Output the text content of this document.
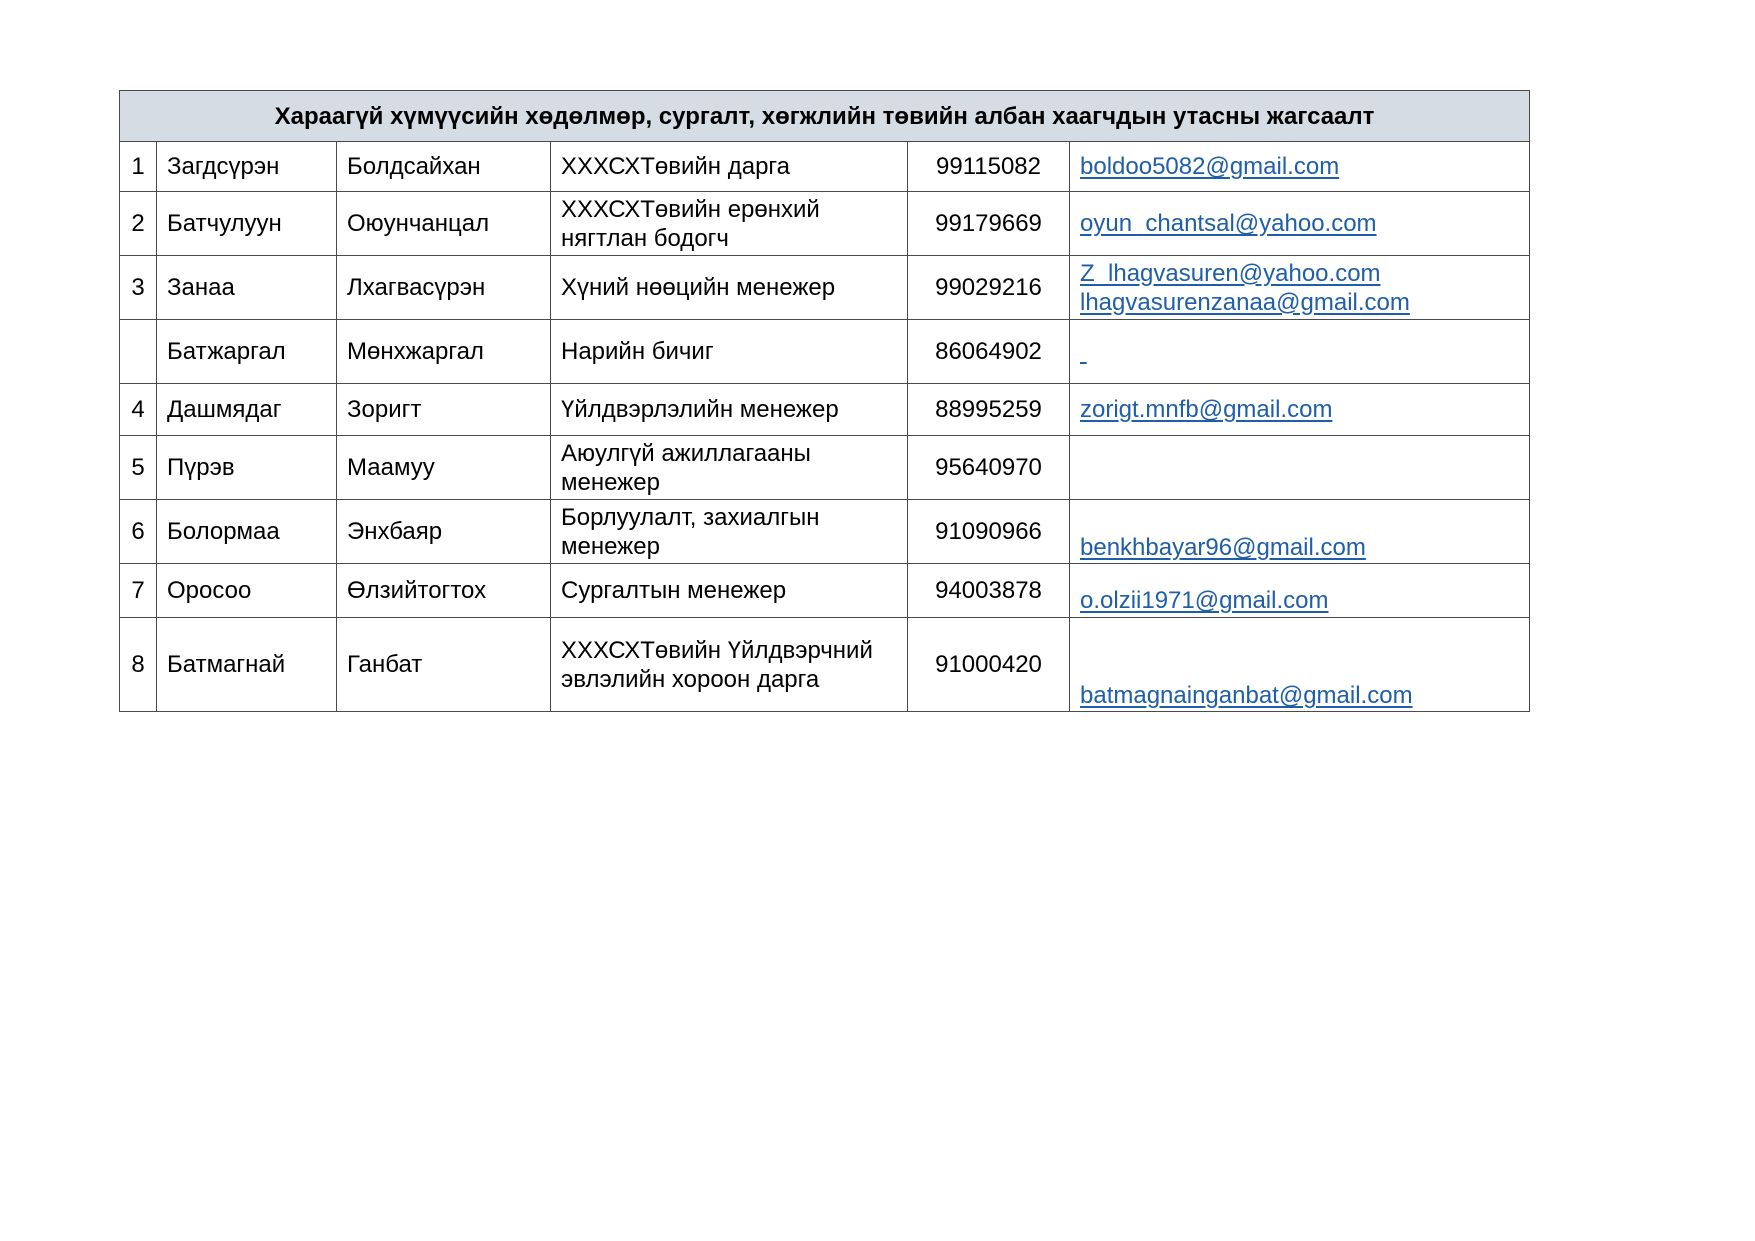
Хараагүй хүмүүсийн хөдөлмөр, сургалт, хөгжлийн төвийн албан хаагчдын утасны жагсаалт					
1	Загдсүрэн	Болдсайхан	ХХХСХТөвийн дарга	99115082	boldoo5082@gmail.com

2	Батчулуун	Оюунчанцал	ХХХСХТөвийн ерөнхий нягтлан бодогч	99179669	oyun_chantsal@yahoo.com

3	Занаа	Лхагвасүрэн	Хүний нөөцийн менежер	99029216	Z_lhagvasuren@yahoo.com
lhagvasurenzanaa@gmail.com

	Батжаргал	Мөнхжаргал	Нарийн бичиг	86064902	

4	Дашмядаг	Зоригт	Үйлдвэрлэлийн менежер	88995259	zorigt.mnfb@gmail.com

5	Пүрэв	Маамуу	Аюулгүй ажиллагааны менежер	95640970	
6	Болормаа	Энхбаяр	Борлуулалт, захиалгын менежер	91090966	benkhbayar96@gmail.com

7	Оросоо	Өлзийтогтох	Сургалтын менежер	94003878	o.olzii1971@gmail.com

8	Батмагнай	Ганбат	ХХХСХТөвийн Үйлдвэрчний эвлэлийн хороон дарга	91000420	batmagnainganbat@gmail.com
